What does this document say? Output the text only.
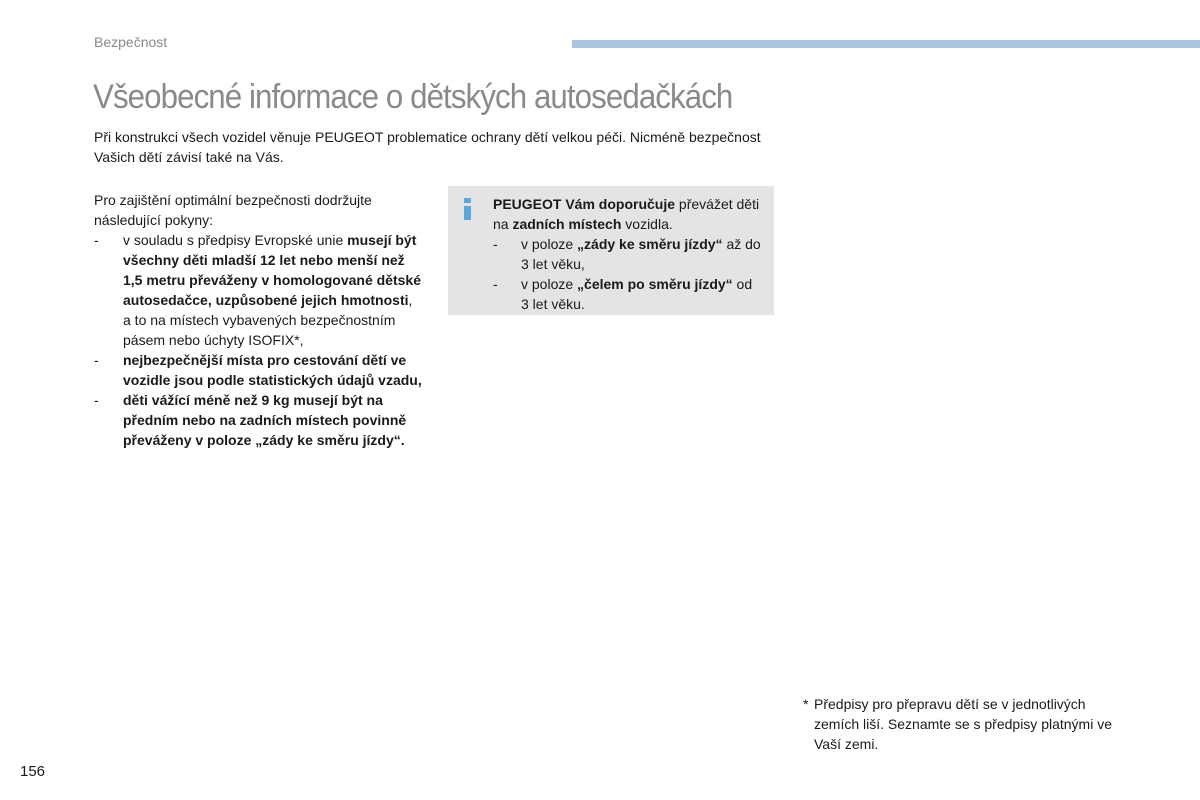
Bezpečnost
Všeobecné informace o dětských autosedačkách

Při konstrukci všech vozidel věnuje PEUGEOT problematice ochrany dětí velkou péči. Nicméně bezpečnost Vašich dětí závisí také na Vás.

Pro zajištění optimální bezpečnosti dodržujte následující pokyny:
- v souladu s předpisy Evropské unie musejí být všechny děti mladší 12 let nebo menší než 1,5 metru převáženy v homologované dětské autosedačce, uzpůsobené jejich hmotnosti, a to na místech vybavených bezpečnostním pásem nebo úchyty ISOFIX*,
- nejbezpečnější místa pro cestování dětí ve vozidle jsou podle statistických údajů vzadu,
- děti vážící méně než 9 kg musejí být na předním nebo na zadních místech povinně převáženy v poloze „zády ke směru jízdy“.
PEUGEOT Vám doporučuje převážet děti na zadních místech vozidla.
- v poloze „zády ke směru jízdy“ až do 3 let věku,
- v poloze „čelem po směru jízdy“ od 3 let věku.
* Předpisy pro přepravu dětí se v jednotlivých zemích liší. Seznamte se s předpisy platnými ve Vaší zemi.
156
